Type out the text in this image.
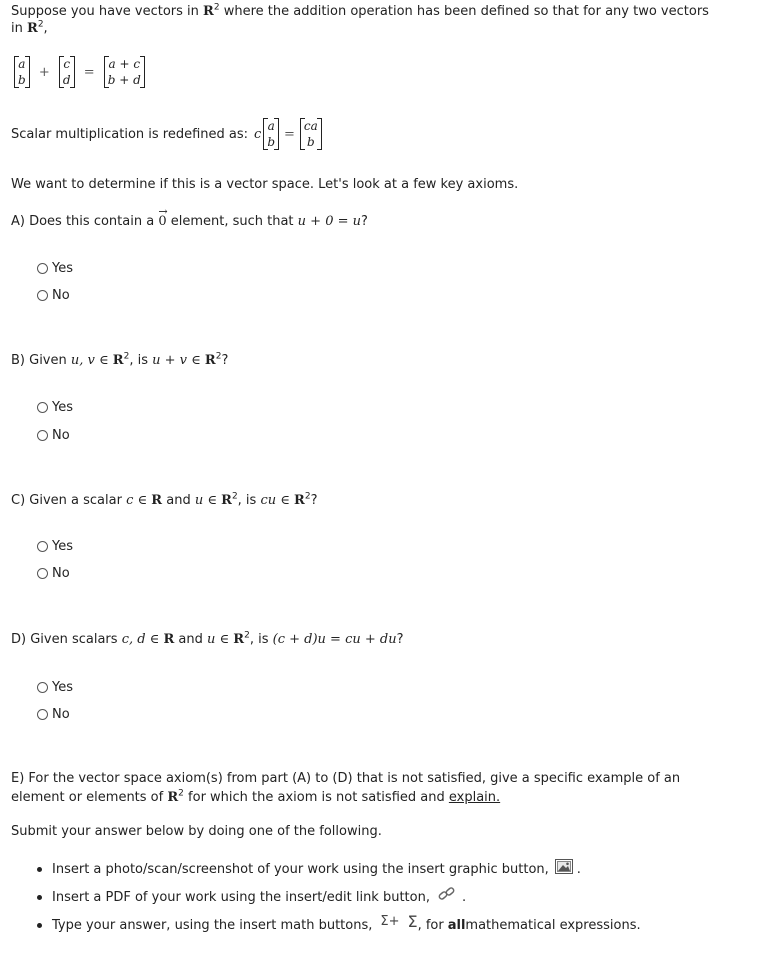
Suppose you have vectors in $R^2$ where the addition operation has been defined so that for any two vectors
in $R^2$,
a
b
+
c
d
=
a + c
b + d
Scalar multiplication is redefined as: c
a
b
=
ca
b
We want to determine if this is a vector space. Let's look at a few key axioms.
A) Does this contain a
→
0 element, such that u + 0 = u?
Yes
No
B) Given u, v ∈ $R^2$, is u + v ∈ $R^2$?
Yes
No
C) Given a scalar c ∈ R and u ∈ $R^2$, is cu ∈ $R^2$?
Yes
No
D) Given scalars c, d ∈ R and u ∈ $R^2$, is (c + d)u = cu + du?
Yes
No
E) For the vector space axiom(s) from part (A) to (D) that is not satisfied, give a specific example of an
element or elements of $R^2$ for which the axiom is not satisfied and explain.
Submit your answer below by doing one of the following.
Insert a photo/scan/screenshot of your work using the insert graphic button, .
Insert a PDF of your work using the insert/edit link button, .
Type your answer, using the insert math buttons, Σ+ Σ , for all mathematical expressions.
